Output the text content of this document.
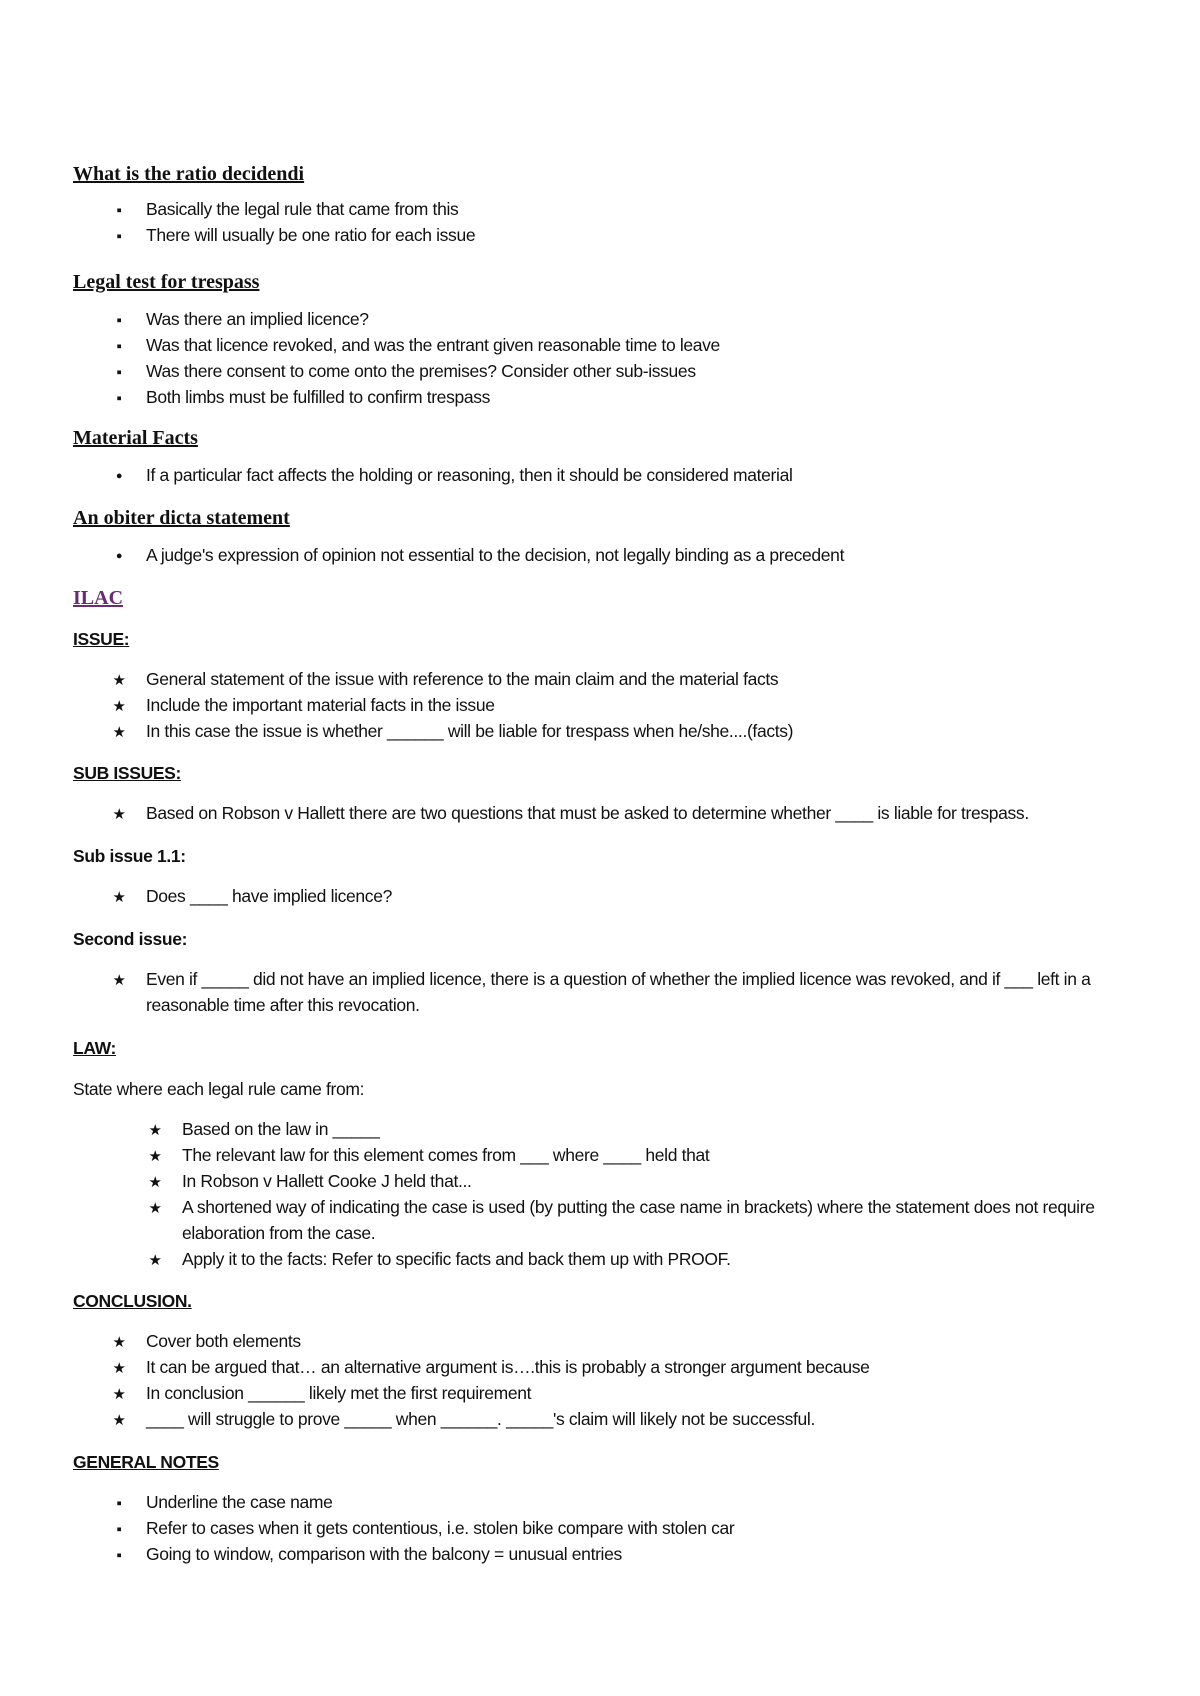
What is the ratio decidendi
▪
Basically the legal rule that came from this
▪
There will usually be one ratio for each issue
Legal test for trespass
▪
Was there an implied licence?
▪
Was that licence revoked, and was the entrant given reasonable time to leave
▪
Was there consent to come onto the premises? Consider other sub-issues
▪
Both limbs must be fulfilled to confirm trespass
Material Facts
●
If a particular fact affects the holding or reasoning, then it should be considered material
An obiter dicta statement
●
A judge's expression of opinion not essential to the decision, not legally binding as a precedent
ILAC
ISSUE:
★
General statement of the issue with reference to the main claim and the material facts
★
Include the important material facts in the issue
★
In this case the issue is whether ______ will be liable for trespass when he/she....(facts)
SUB ISSUES:
★
Based on Robson v Hallett there are two questions that must be asked to determine whether ____ is liable for trespass.
Sub issue 1.1:
★
Does ____ have implied licence?
Second issue:
★
Even if _____ did not have an implied licence, there is a question of whether the implied licence was revoked, and if ___ left in a reasonable time after this revocation.
LAW:

State where each legal rule came from:

★
Based on the law in _____
★
The relevant law for this element comes from ___ where ____ held that
★
In Robson v Hallett Cooke J held that...
★
A shortened way of indicating the case is used (by putting the case name in brackets) where the statement does not require elaboration from the case.
★
Apply it to the facts: Refer to specific facts and back them up with PROOF.
CONCLUSION.
★
Cover both elements
★
It can be argued that… an alternative argument is….this is probably a stronger argument because
★
In conclusion ______ likely met the first requirement
★
____ will struggle to prove _____ when ______. _____'s claim will likely not be successful.
GENERAL NOTES
▪
Underline the case name
▪
Refer to cases when it gets contentious, i.e. stolen bike compare with stolen car
▪
Going to window, comparison with the balcony = unusual entries
